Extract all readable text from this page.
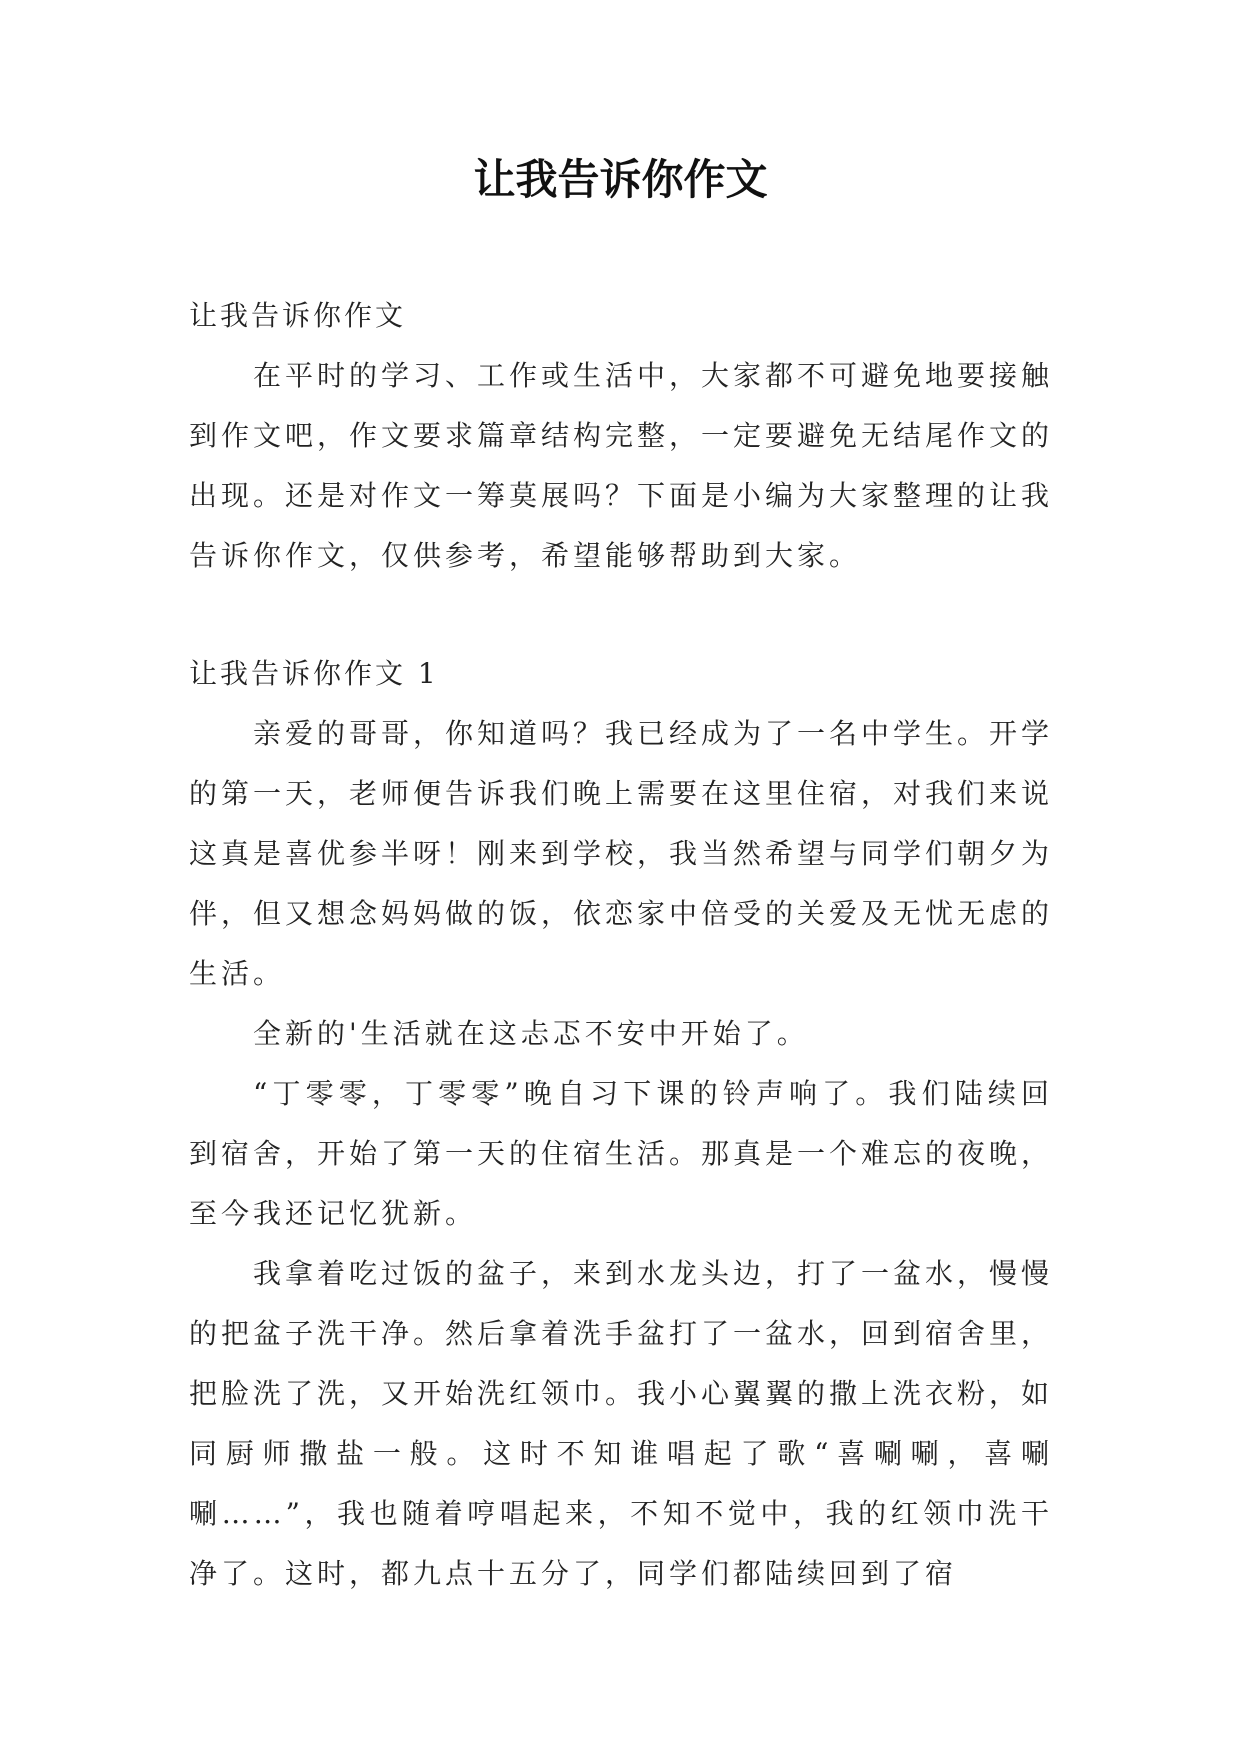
让我告诉你作文

让我告诉你作文

在平时的学习、工作或生活中，大家都不可避免地要接触到作文吧，作文要求篇章结构完整，一定要避免无结尾作文的出现。还是对作文一筹莫展吗？下面是小编为大家整理的让我告诉你作文，仅供参考，希望能够帮助到大家。

让我告诉你作文 1

亲爱的哥哥，你知道吗？我已经成为了一名中学生。开学的第一天，老师便告诉我们晚上需要在这里住宿，对我们来说这真是喜优参半呀！刚来到学校，我当然希望与同学们朝夕为伴，但又想念妈妈做的饭，依恋家中倍受的关爱及无忧无虑的生活。

全新的'生活就在这忐忑不安中开始了。

“丁零零，丁零零”晚自习下课的铃声响了。我们陆续回到宿舍，开始了第一天的住宿生活。那真是一个难忘的夜晚，至今我还记忆犹新。

我拿着吃过饭的盆子，来到水龙头边，打了一盆水，慢慢的把盆子洗干净。然后拿着洗手盆打了一盆水，回到宿舍里，把脸洗了洗，又开始洗红领巾。我小心翼翼的撒上洗衣粉，如同厨师撒盐一般。这时不知谁唱起了歌“喜唰唰，喜唰唰……”，我也随着哼唱起来，不知不觉中，我的红领巾洗干净了。这时，都九点十五分了，同学们都陆续回到了宿
